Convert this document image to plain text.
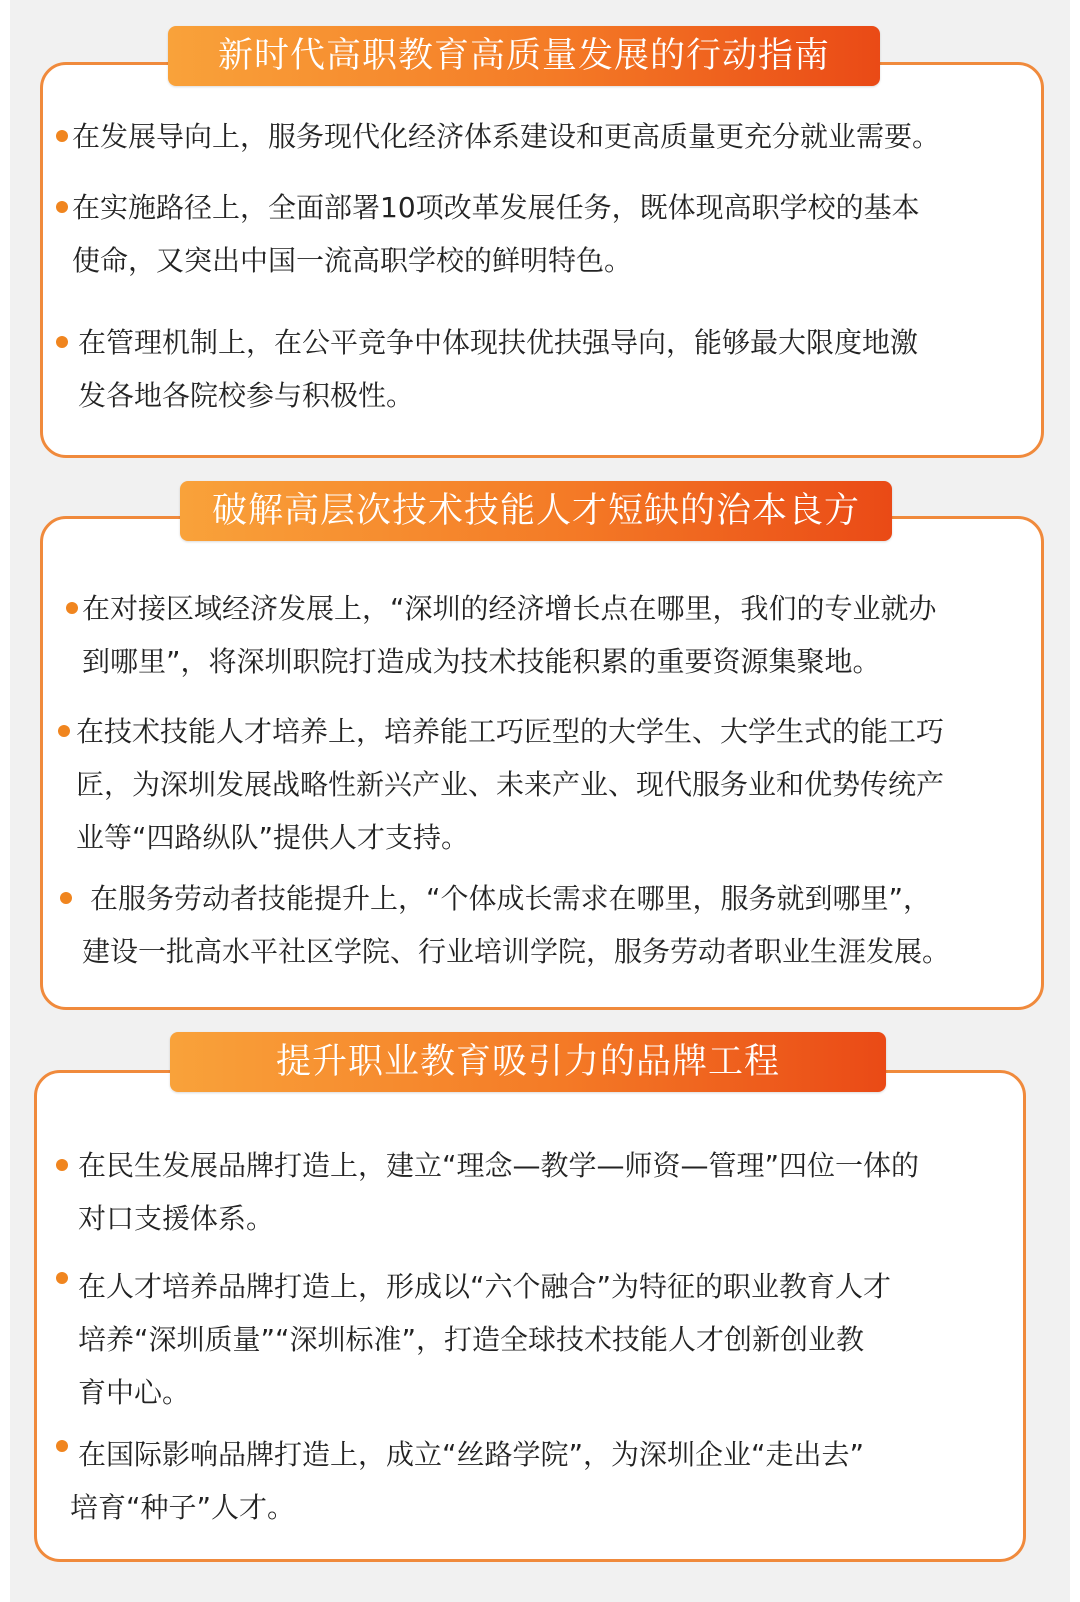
新时代高职教育高质量发展的行动指南
在发展导向上，服务现代化经济体系建设和更高质量更充分就业需要。
在实施路径上，全面部署10项改革发展任务，既体现高职学校的基本
使命，又突出中国一流高职学校的鲜明特色。
在管理机制上，在公平竞争中体现扶优扶强导向，能够最大限度地激
发各地各院校参与积极性。
破解高层次技术技能人才短缺的治本良方
在对接区域经济发展上，“深圳的经济增长点在哪里，我们的专业就办
到哪里”，将深圳职院打造成为技术技能积累的重要资源集聚地。
在技术技能人才培养上，培养能工巧匠型的大学生、大学生式的能工巧
匠，为深圳发展战略性新兴产业、未来产业、现代服务业和优势传统产
业等“四路纵队”提供人才支持。
在服务劳动者技能提升上，“个体成长需求在哪里，服务就到哪里”，
建设一批高水平社区学院、行业培训学院，服务劳动者职业生涯发展。
提升职业教育吸引力的品牌工程
在民生发展品牌打造上，建立“理念—教学—师资—管理”四位一体的
对口支援体系。
在人才培养品牌打造上，形成以“六个融合”为特征的职业教育人才
培养“深圳质量”“深圳标准”，打造全球技术技能人才创新创业教
育中心。
在国际影响品牌打造上，成立“丝路学院”，为深圳企业“走出去”
培育“种子”人才。
